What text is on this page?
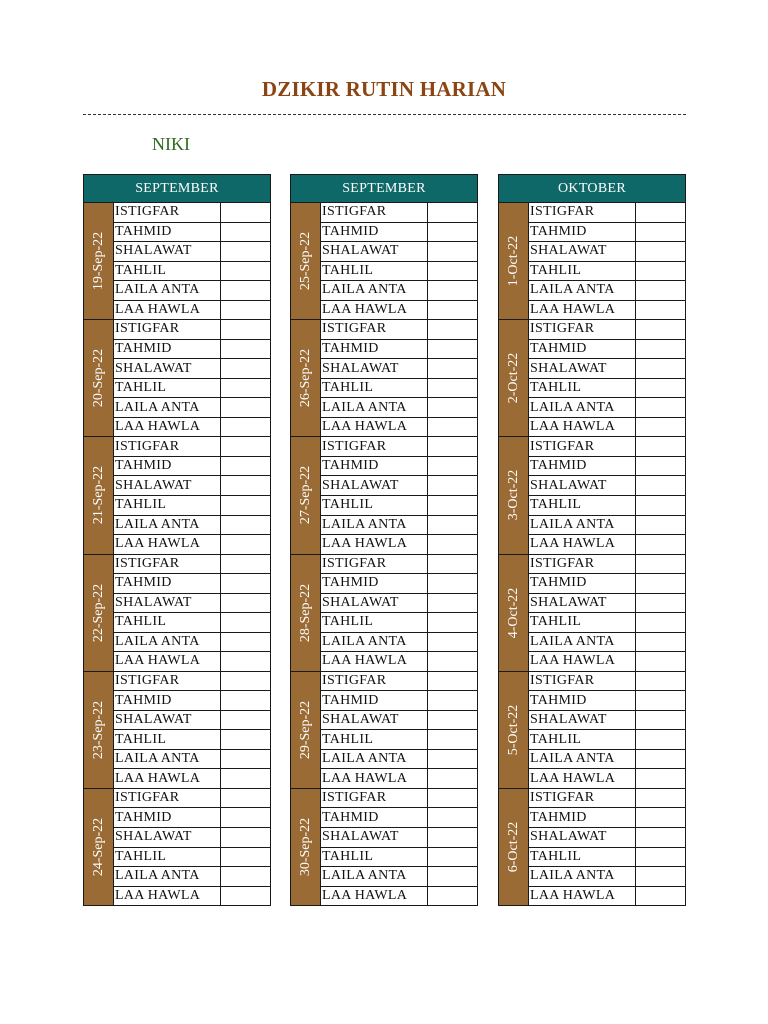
DZIKIR RUTIN HARIAN
NIKI
SEPTEMBER
19-Sep-22
ISTIGFAR
TAHMID
SHALAWAT
TAHLIL
LAILA ANTA
LAA HAWLA
20-Sep-22
ISTIGFAR
TAHMID
SHALAWAT
TAHLIL
LAILA ANTA
LAA HAWLA
21-Sep-22
ISTIGFAR
TAHMID
SHALAWAT
TAHLIL
LAILA ANTA
LAA HAWLA
22-Sep-22
ISTIGFAR
TAHMID
SHALAWAT
TAHLIL
LAILA ANTA
LAA HAWLA
23-Sep-22
ISTIGFAR
TAHMID
SHALAWAT
TAHLIL
LAILA ANTA
LAA HAWLA
24-Sep-22
ISTIGFAR
TAHMID
SHALAWAT
TAHLIL
LAILA ANTA
LAA HAWLA
SEPTEMBER
25-Sep-22
ISTIGFAR
TAHMID
SHALAWAT
TAHLIL
LAILA ANTA
LAA HAWLA
26-Sep-22
ISTIGFAR
TAHMID
SHALAWAT
TAHLIL
LAILA ANTA
LAA HAWLA
27-Sep-22
ISTIGFAR
TAHMID
SHALAWAT
TAHLIL
LAILA ANTA
LAA HAWLA
28-Sep-22
ISTIGFAR
TAHMID
SHALAWAT
TAHLIL
LAILA ANTA
LAA HAWLA
29-Sep-22
ISTIGFAR
TAHMID
SHALAWAT
TAHLIL
LAILA ANTA
LAA HAWLA
30-Sep-22
ISTIGFAR
TAHMID
SHALAWAT
TAHLIL
LAILA ANTA
LAA HAWLA
OKTOBER
1-Oct-22
ISTIGFAR
TAHMID
SHALAWAT
TAHLIL
LAILA ANTA
LAA HAWLA
2-Oct-22
ISTIGFAR
TAHMID
SHALAWAT
TAHLIL
LAILA ANTA
LAA HAWLA
3-Oct-22
ISTIGFAR
TAHMID
SHALAWAT
TAHLIL
LAILA ANTA
LAA HAWLA
4-Oct-22
ISTIGFAR
TAHMID
SHALAWAT
TAHLIL
LAILA ANTA
LAA HAWLA
5-Oct-22
ISTIGFAR
TAHMID
SHALAWAT
TAHLIL
LAILA ANTA
LAA HAWLA
6-Oct-22
ISTIGFAR
TAHMID
SHALAWAT
TAHLIL
LAILA ANTA
LAA HAWLA
